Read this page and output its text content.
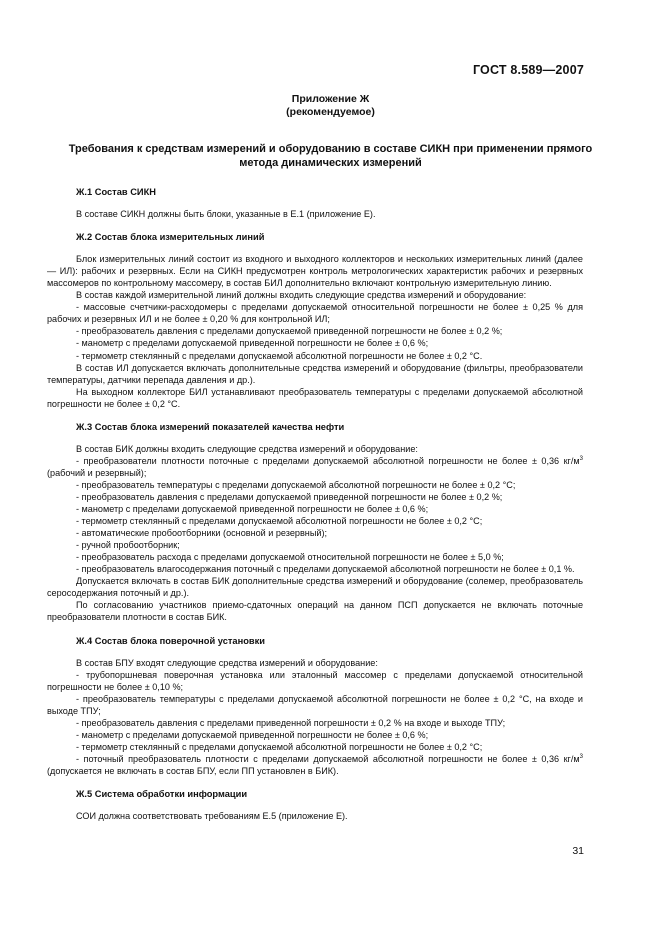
ГОСТ 8.589—2007
Приложение Ж
(рекомендуемое)
Требования к средствам измерений и оборудованию в составе СИКН при применении прямого метода динамических измерений
Ж.1 Состав СИКН

В составе СИКН должны быть блоки, указанные в Е.1 (приложение Е).

Ж.2 Состав блока измерительных линий

Блок измерительных линий состоит из входного и выходного коллекторов и нескольких измерительных линий (далее — ИЛ): рабочих и резервных. Если на СИКН предусмотрен контроль метрологических характеристик рабочих и резервных массомеров по контрольному массомеру, в состав БИЛ дополнительно включают контрольную измерительную линию.

В состав каждой измерительной линий должны входить следующие средства измерений и оборудование:

- массовые счетчики-расходомеры с пределами допускаемой относительной погрешности не более ± 0,25 % для рабочих и резервных ИЛ и не более ± 0,20 % для контрольной ИЛ;

- преобразователь давления с пределами допускаемой приведенной погрешности не более ± 0,2 %;

- манометр с пределами допускаемой приведенной погрешности не более ± 0,6 %;

- термометр стеклянный с пределами допускаемой абсолютной погрешности не более ± 0,2 °С.

В состав ИЛ допускается включать дополнительные средства измерений и оборудование (фильтры, преобразователи температуры, датчики перепада давления и др.).

На выходном коллекторе БИЛ устанавливают преобразователь температуры с пределами допускаемой абсолютной погрешности не более ± 0,2 °С.

Ж.3 Состав блока измерений показателей качества нефти

В состав БИК должны входить следующие средства измерений и оборудование:

- преобразователи плотности поточные с пределами допускаемой абсолютной погрешности не более ± 0,36 $кг/м^3$ (рабочий и резервный);

- преобразователь температуры с пределами допускаемой абсолютной погрешности не более ± 0,2 °С;

- преобразователь давления с пределами допускаемой приведенной погрешности не более ± 0,2 %;

- манометр с пределами допускаемой приведенной погрешности не более ± 0,6 %;

- термометр стеклянный с пределами допускаемой абсолютной погрешности не более ± 0,2 °С;

- автоматические пробоотборники (основной и резервный);

- ручной пробоотборник;

- преобразователь расхода с пределами допускаемой относительной погрешности не более ± 5,0 %;

- преобразователь влагосодержания поточный с пределами допускаемой абсолютной погрешности не более ± 0,1 %.

Допускается включать в состав БИК дополнительные средства измерений и оборудование (солемер, преобразователь серосодержания поточный и др.).

По согласованию участников приемо-сдаточных операций на данном ПСП допускается не включать поточные преобразователи плотности в состав БИК.

Ж.4 Состав блока поверочной установки

В состав БПУ входят следующие средства измерений и оборудование:

- трубопоршневая поверочная установка или эталонный массомер с пределами допускаемой относительной погрешности не более ± 0,10 %;

- преобразователь температуры с пределами допускаемой абсолютной погрешности не более ± 0,2 °С, на входе и выходе ТПУ;

- преобразователь давления с пределами приведенной погрешности ± 0,2 % на входе и выходе ТПУ;

- манометр с пределами допускаемой приведенной погрешности не более ± 0,6 %;

- термометр стеклянный с пределами допускаемой абсолютной погрешности не более ± 0,2 °С;

- поточный преобразователь плотности с пределами допускаемой абсолютной погрешности не более ± 0,36 $кг/м^3$ (допускается не включать в состав БПУ, если ПП установлен в БИК).

Ж.5 Система обработки информации

СОИ должна соответствовать требованиям Е.5 (приложение Е).

31
